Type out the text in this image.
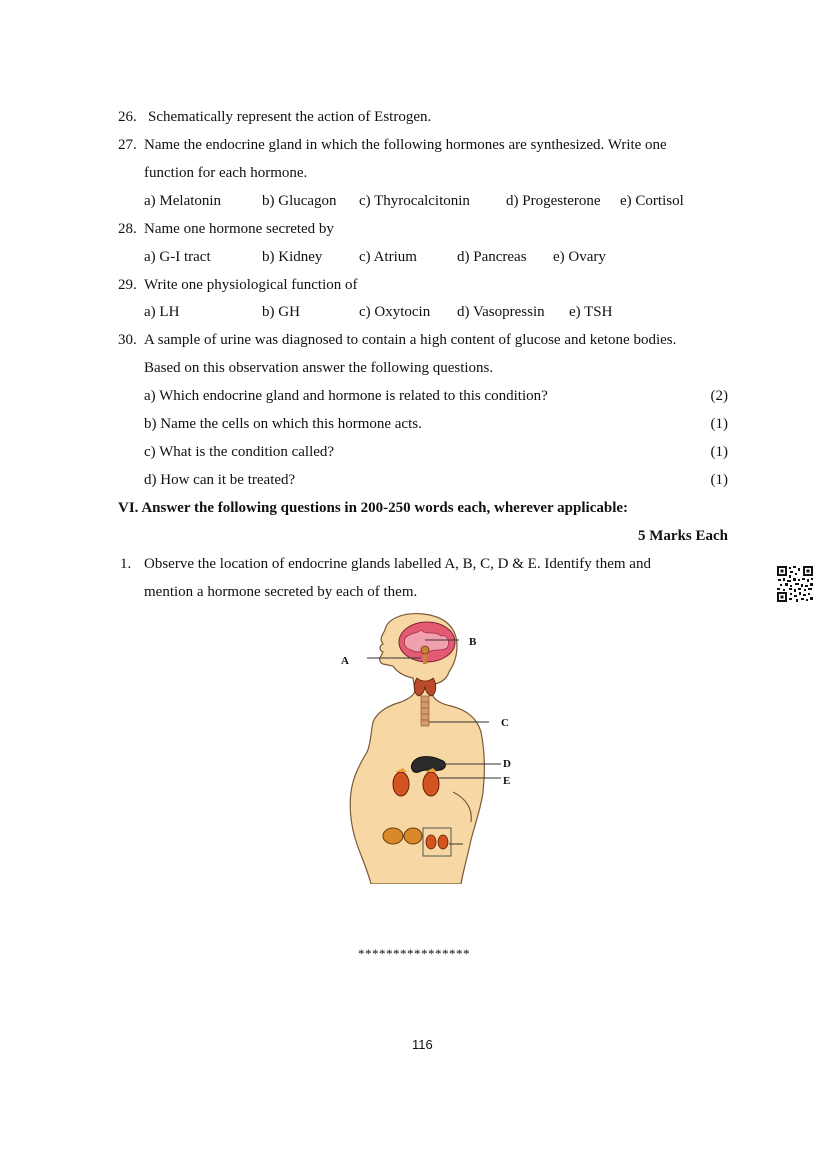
26. Schematically represent the action of Estrogen.
27. Name the endocrine gland in which the following hormones are synthesized. Write one
function for each hormone.
a) Melatonin	b) Glucagon c) Thyrocalcitonin d) Progesterone e) Cortisol
28. Name one hormone secreted by
a) G-I tract	b) Kidney c) Atrium	d) Pancreas e) Ovary
29. Write one physiological function of
a) LH	b) GH	c) Oxytocin d) Vasopressin e) TSH
30. A sample of urine was diagnosed to contain a high content of glucose and ketone bodies.
Based on this observation answer the following questions.
a) Which endocrine gland and hormone is related to this condition?	(2)
b) Name the cells on which this hormone acts.	(1)
c) What is the condition called?	(1)
d) How can it be treated?	(1)
VI. Answer the following questions in 200-250 words each, wherever applicable:
5 Marks Each
1. Observe the location of endocrine glands labelled A, B, C, D & E. Identify them and
mention a hormone secreted by each of them.
A
B
C
D
E
****************
116
